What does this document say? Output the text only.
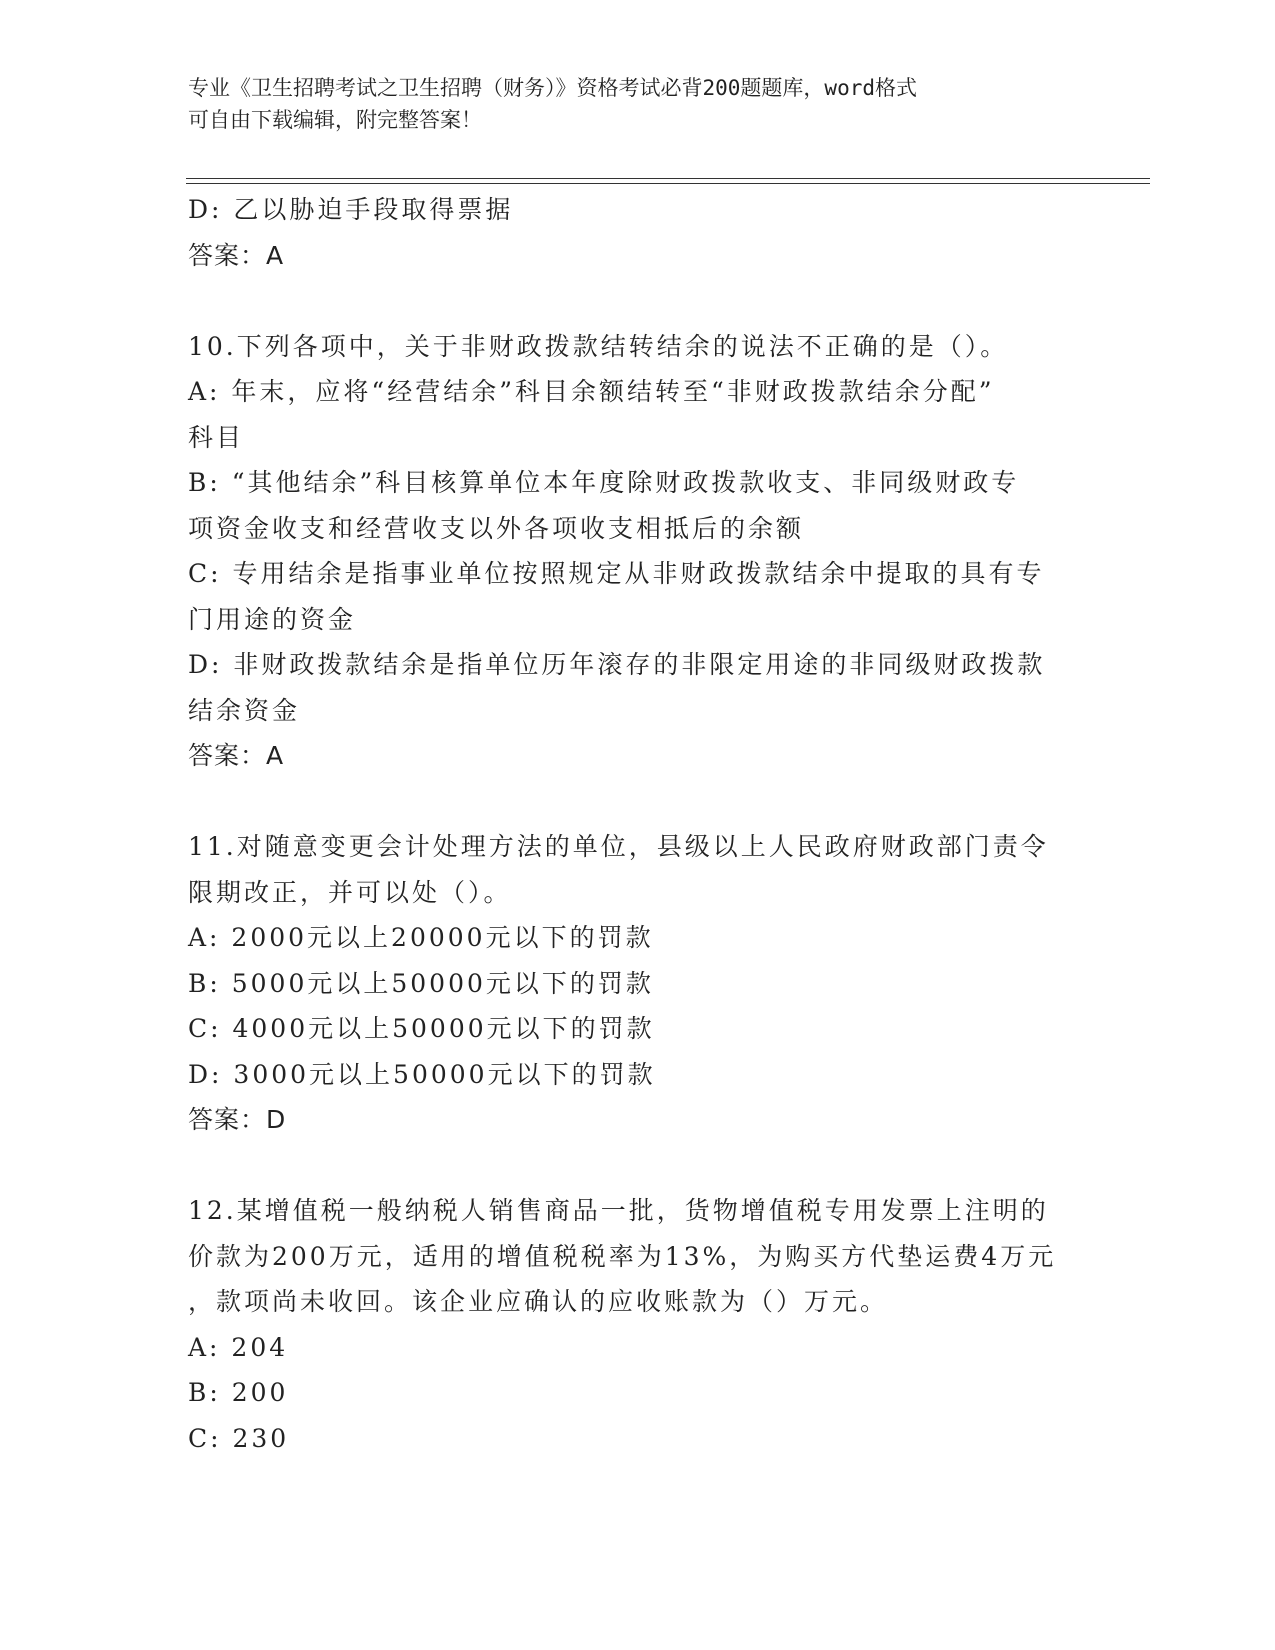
专业《卫生招聘考试之卫生招聘（财务）》资格考试必背200题题库，word格式
可自由下载编辑，附完整答案！
D: 乙以胁迫手段取得票据
答案：A
10.下列各项中，关于非财政拨款结转结余的说法不正确的是（）。
A: 年末，应将“经营结余”科目余额结转至“非财政拨款结余分配”
科目
B: “其他结余”科目核算单位本年度除财政拨款收支、非同级财政专
项资金收支和经营收支以外各项收支相抵后的余额
C: 专用结余是指事业单位按照规定从非财政拨款结余中提取的具有专
门用途的资金
D: 非财政拨款结余是指单位历年滚存的非限定用途的非同级财政拨款
结余资金
答案：A
11.对随意变更会计处理方法的单位，县级以上人民政府财政部门责令
限期改正，并可以处（）。
A: 2000元以上20000元以下的罚款
B: 5000元以上50000元以下的罚款
C: 4000元以上50000元以下的罚款
D: 3000元以上50000元以下的罚款
答案：D
12.某增值税一般纳税人销售商品一批，货物增值税专用发票上注明的
价款为200万元，适用的增值税税率为13%，为购买方代垫运费4万元
，款项尚未收回。该企业应确认的应收账款为（）万元。
A: 204
B: 200
C: 230
